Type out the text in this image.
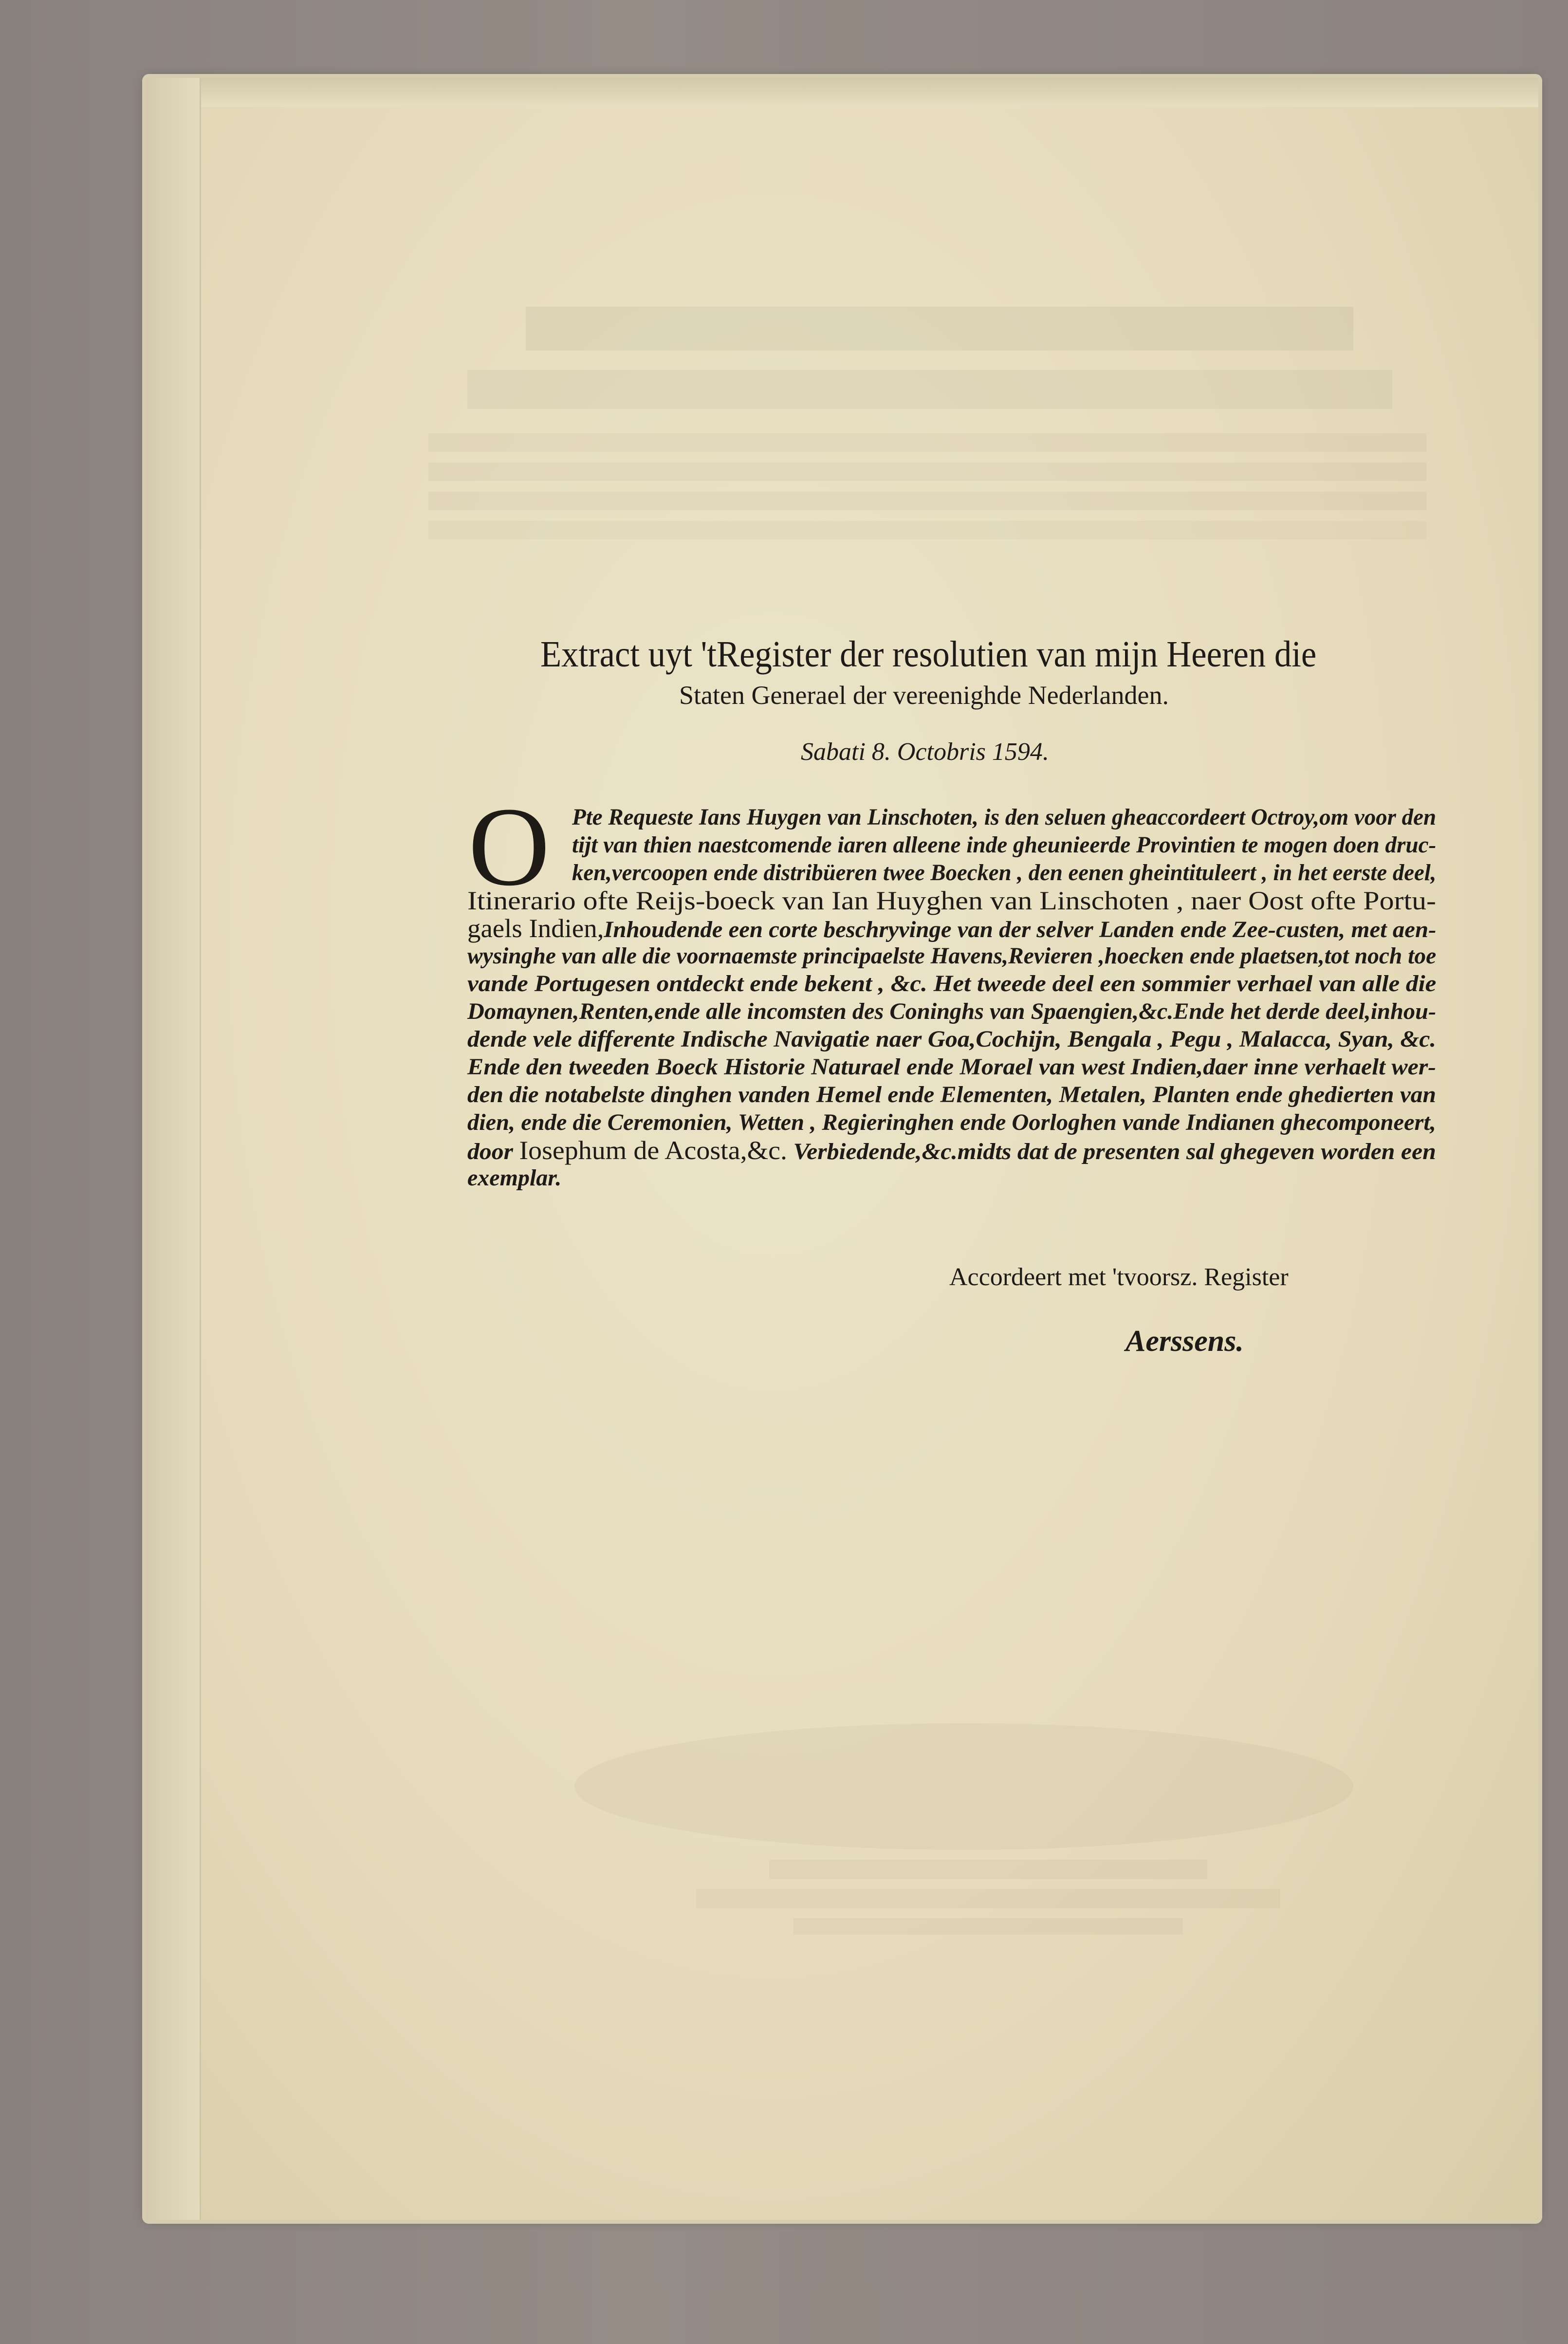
Extract uyt 'tRegister der resolutien van mijn Heeren die
Staten Generael der vereenighde Nederlanden.
Sabati 8. Octobris 1594.
O Pte Requeste Ians Huygen van Linschoten, is den seluen gheaccordeert Octroy,om voor den
tijt van thien naestcomende iaren alleene inde gheunieerde Provintien te mogen doen druc-
ken,vercoopen ende distribüeren twee Boecken , den eenen gheintituleert , in het eerste deel,
Itinerario ofte Reijs-boeck van Ian Huyghen van Linschoten , naer Oost ofte Portu-
gaels Indien,Inhoudende een corte beschryvinge van der selver Landen ende Zee-custen, met aen-
wysinghe van alle die voornaemste principaelste Havens,Revieren ,hoecken ende plaetsen,tot noch toe
vande Portugesen ontdeckt ende bekent , &c. Het tweede deel een sommier verhael van alle die
Domaynen,Renten,ende alle incomsten des Coninghs van Spaengien,&c.Ende het derde deel,inhou-
dende vele differente Indische Navigatie naer Goa,Cochijn, Bengala , Pegu , Malacca, Syan, &c.
Ende den tweeden Boeck Historie Naturael ende Morael van west Indien,daer inne verhaelt wer-
den die notabelste dinghen vanden Hemel ende Elementen, Metalen, Planten ende ghedierten van
dien, ende die Ceremonien, Wetten , Regieringhen ende Oorloghen vande Indianen ghecomponeert,
door Iosephum de Acosta,&c. Verbiedende,&c.midts dat de presenten sal ghegeven worden een
exemplar.
Accordeert met 'tvoorsz. Register
Aerssens.
